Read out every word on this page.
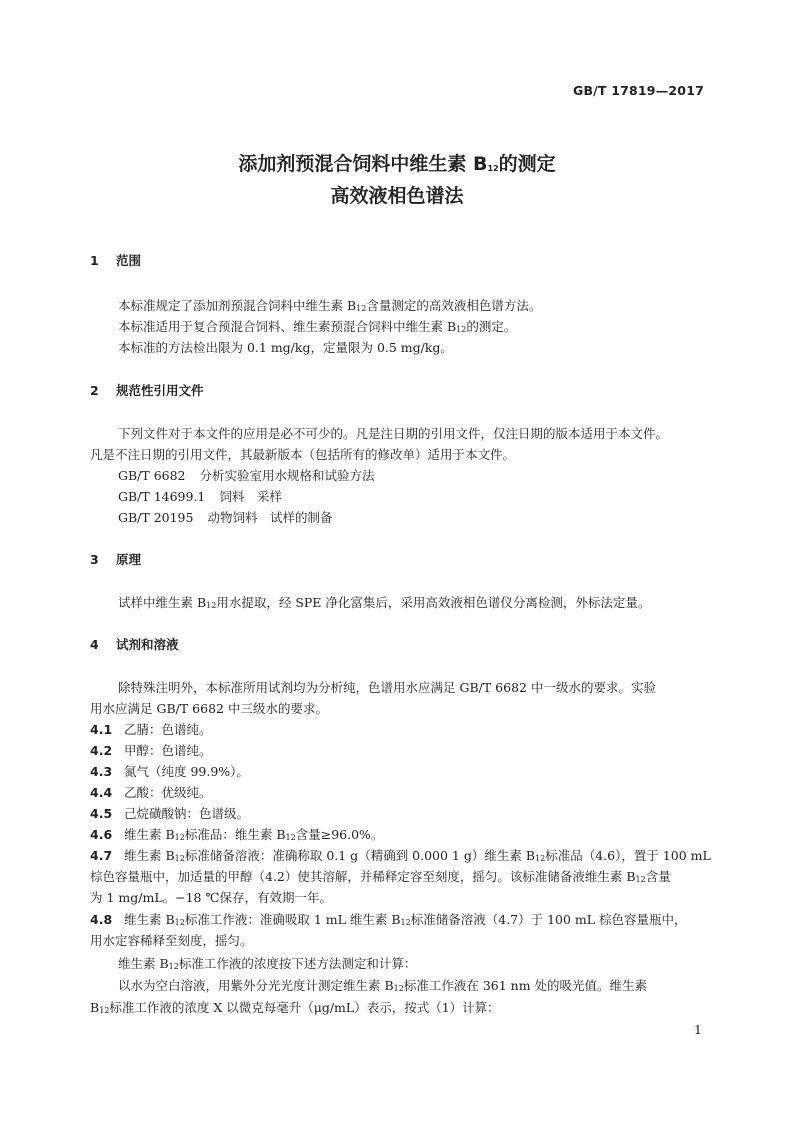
GB/T 17819—2017
添加剂预混合饲料中维生素 B12的测定
高效液相色谱法
1 范围
本标准规定了添加剂预混合饲料中维生素 B12含量测定的高效液相色谱方法。
本标准适用于复合预混合饲料、维生素预混合饲料中维生素 B12的测定。
本标准的方法检出限为 0.1 mg/kg，定量限为 0.5 mg/kg。
2 规范性引用文件
下列文件对于本文件的应用是必不可少的。凡是注日期的引用文件，仅注日期的版本适用于本文件。
凡是不注日期的引用文件，其最新版本（包括所有的修改单）适用于本文件。
GB/T 6682 分析实验室用水规格和试验方法
GB/T 14699.1 饲料　采样
GB/T 20195 动物饲料　试样的制备
3 原理
试样中维生素 B12用水提取，经 SPE 净化富集后，采用高效液相色谱仪分离检测，外标法定量。
4 试剂和溶液
除特殊注明外，本标准所用试剂均为分析纯，色谱用水应满足 GB/T 6682 中一级水的要求。实验
用水应满足 GB/T 6682 中三级水的要求。
4.1 乙腈：色谱纯。
4.2 甲醇：色谱纯。
4.3 氮气（纯度 99.9%）。
4.4 乙酸：优级纯。
4.5 己烷磺酸钠：色谱级。
4.6 维生素 B12标准品：维生素 B12含量≥96.0%。
4.7 维生素 B12标准储备溶液：准确称取 0.1 g（精确到 0.000 1 g）维生素 B12标准品（4.6），置于 100 mL
棕色容量瓶中，加适量的甲醇（4.2）使其溶解，并稀释定容至刻度，摇匀。该标准储备液维生素 B12含量
为 1 mg/mL。−18 ℃保存，有效期一年。
4.8 维生素 B12标准工作液：准确吸取 1 mL 维生素 B12标准储备溶液（4.7）于 100 mL 棕色容量瓶中，
用水定容稀释至刻度，摇匀。
维生素 B12标准工作液的浓度按下述方法测定和计算：
以水为空白溶液，用紫外分光光度计测定维生素 B12标准工作液在 361 nm 处的吸光值。维生素
B12标准工作液的浓度 X 以微克每毫升（μg/mL）表示，按式（1）计算：
1
